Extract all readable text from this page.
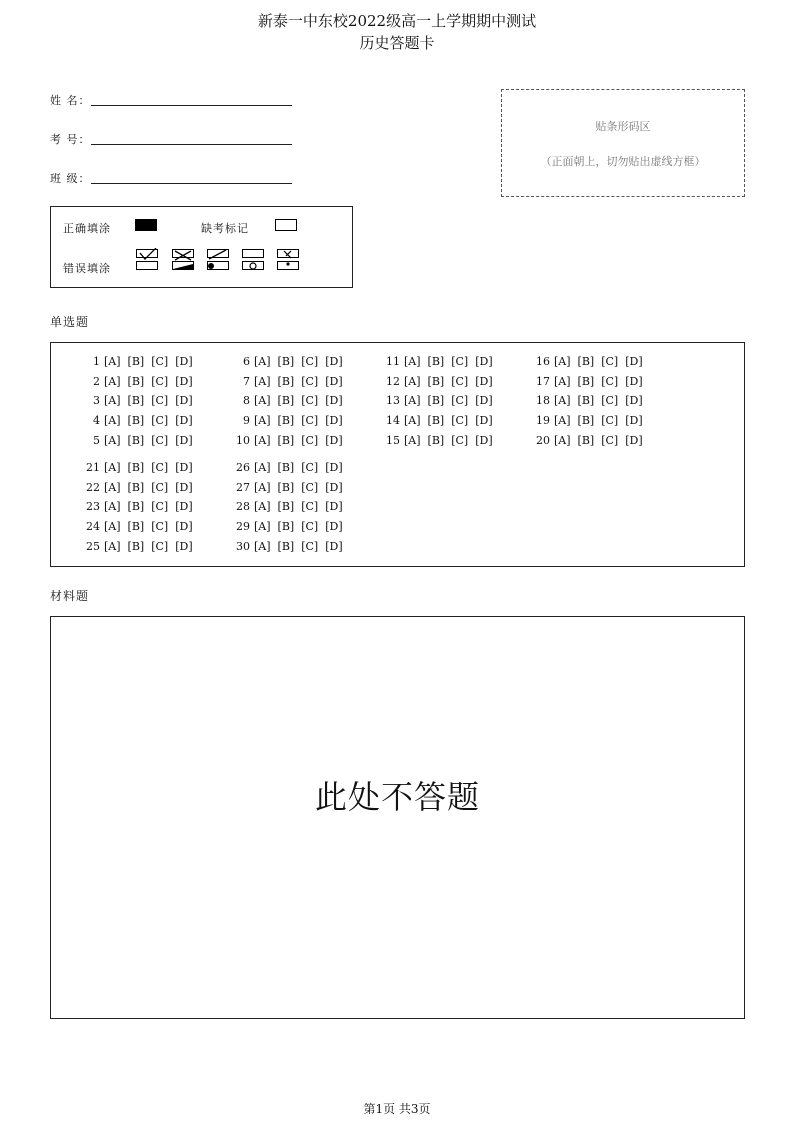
新泰一中东校2022级高一上学期期中测试
历史答题卡
姓 名：
考 号：
班 级：
贴条形码区
（正面朝上，切勿贴出虚线方框）
正确填涂	缺考标记
错误填涂
单选题
1 [A] [B] [C] [D]
2 [A] [B] [C] [D]
3 [A] [B] [C] [D]
4 [A] [B] [C] [D]
5 [A] [B] [C] [D]
6 [A] [B] [C] [D]
7 [A] [B] [C] [D]
8 [A] [B] [C] [D]
9 [A] [B] [C] [D]
10 [A] [B] [C] [D]
11 [A] [B] [C] [D]
12 [A] [B] [C] [D]
13 [A] [B] [C] [D]
14 [A] [B] [C] [D]
15 [A] [B] [C] [D]
16 [A] [B] [C] [D]
17 [A] [B] [C] [D]
18 [A] [B] [C] [D]
19 [A] [B] [C] [D]
20 [A] [B] [C] [D]
21 [A] [B] [C] [D]
22 [A] [B] [C] [D]
23 [A] [B] [C] [D]
24 [A] [B] [C] [D]
25 [A] [B] [C] [D]
26 [A] [B] [C] [D]
27 [A] [B] [C] [D]
28 [A] [B] [C] [D]
29 [A] [B] [C] [D]
30 [A] [B] [C] [D]
材料题
此处不答题
第1页 共3页
